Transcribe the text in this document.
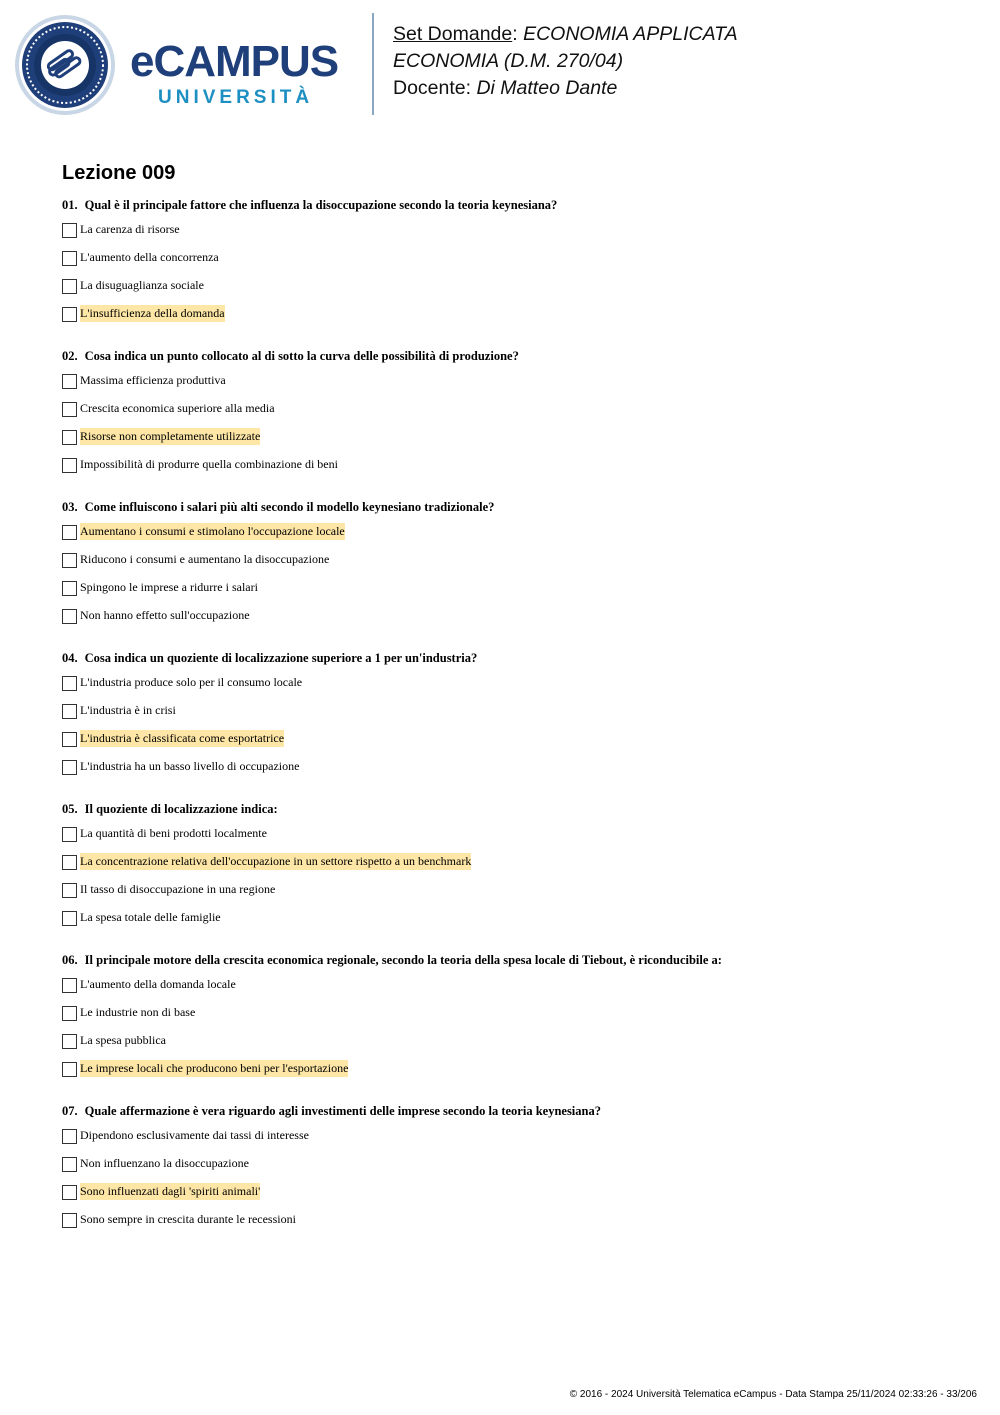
eCAMPUS
UNIVERSITÀ
Set Domande: ECONOMIA APPLICATA
ECONOMIA (D.M. 270/04)
Docente: Di Matteo Dante
Lezione 009
01. Qual è il principale fattore che influenza la disoccupazione secondo la teoria keynesiana?
La carenza di risorse
L'aumento della concorrenza
La disuguaglianza sociale
L'insufficienza della domanda
02. Cosa indica un punto collocato al di sotto la curva delle possibilità di produzione?
Massima efficienza produttiva
Crescita economica superiore alla media
Risorse non completamente utilizzate
Impossibilità di produrre quella combinazione di beni
03. Come influiscono i salari più alti secondo il modello keynesiano tradizionale?
Aumentano i consumi e stimolano l'occupazione locale
Riducono i consumi e aumentano la disoccupazione
Spingono le imprese a ridurre i salari
Non hanno effetto sull'occupazione
04. Cosa indica un quoziente di localizzazione superiore a 1 per un'industria?
L'industria produce solo per il consumo locale
L'industria è in crisi
L'industria è classificata come esportatrice
L'industria ha un basso livello di occupazione
05. Il quoziente di localizzazione indica:
La quantità di beni prodotti localmente
La concentrazione relativa dell'occupazione in un settore rispetto a un benchmark
Il tasso di disoccupazione in una regione
La spesa totale delle famiglie
06. Il principale motore della crescita economica regionale, secondo la teoria della spesa locale di Tiebout, è riconducibile a:
L'aumento della domanda locale
Le industrie non di base
La spesa pubblica
Le imprese locali che producono beni per l'esportazione
07. Quale affermazione è vera riguardo agli investimenti delle imprese secondo la teoria keynesiana?
Dipendono esclusivamente dai tassi di interesse
Non influenzano la disoccupazione
Sono influenzati dagli 'spiriti animali'
Sono sempre in crescita durante le recessioni
© 2016 - 2024 Università Telematica eCampus - Data Stampa 25/11/2024 02:33:26 - 33/206
